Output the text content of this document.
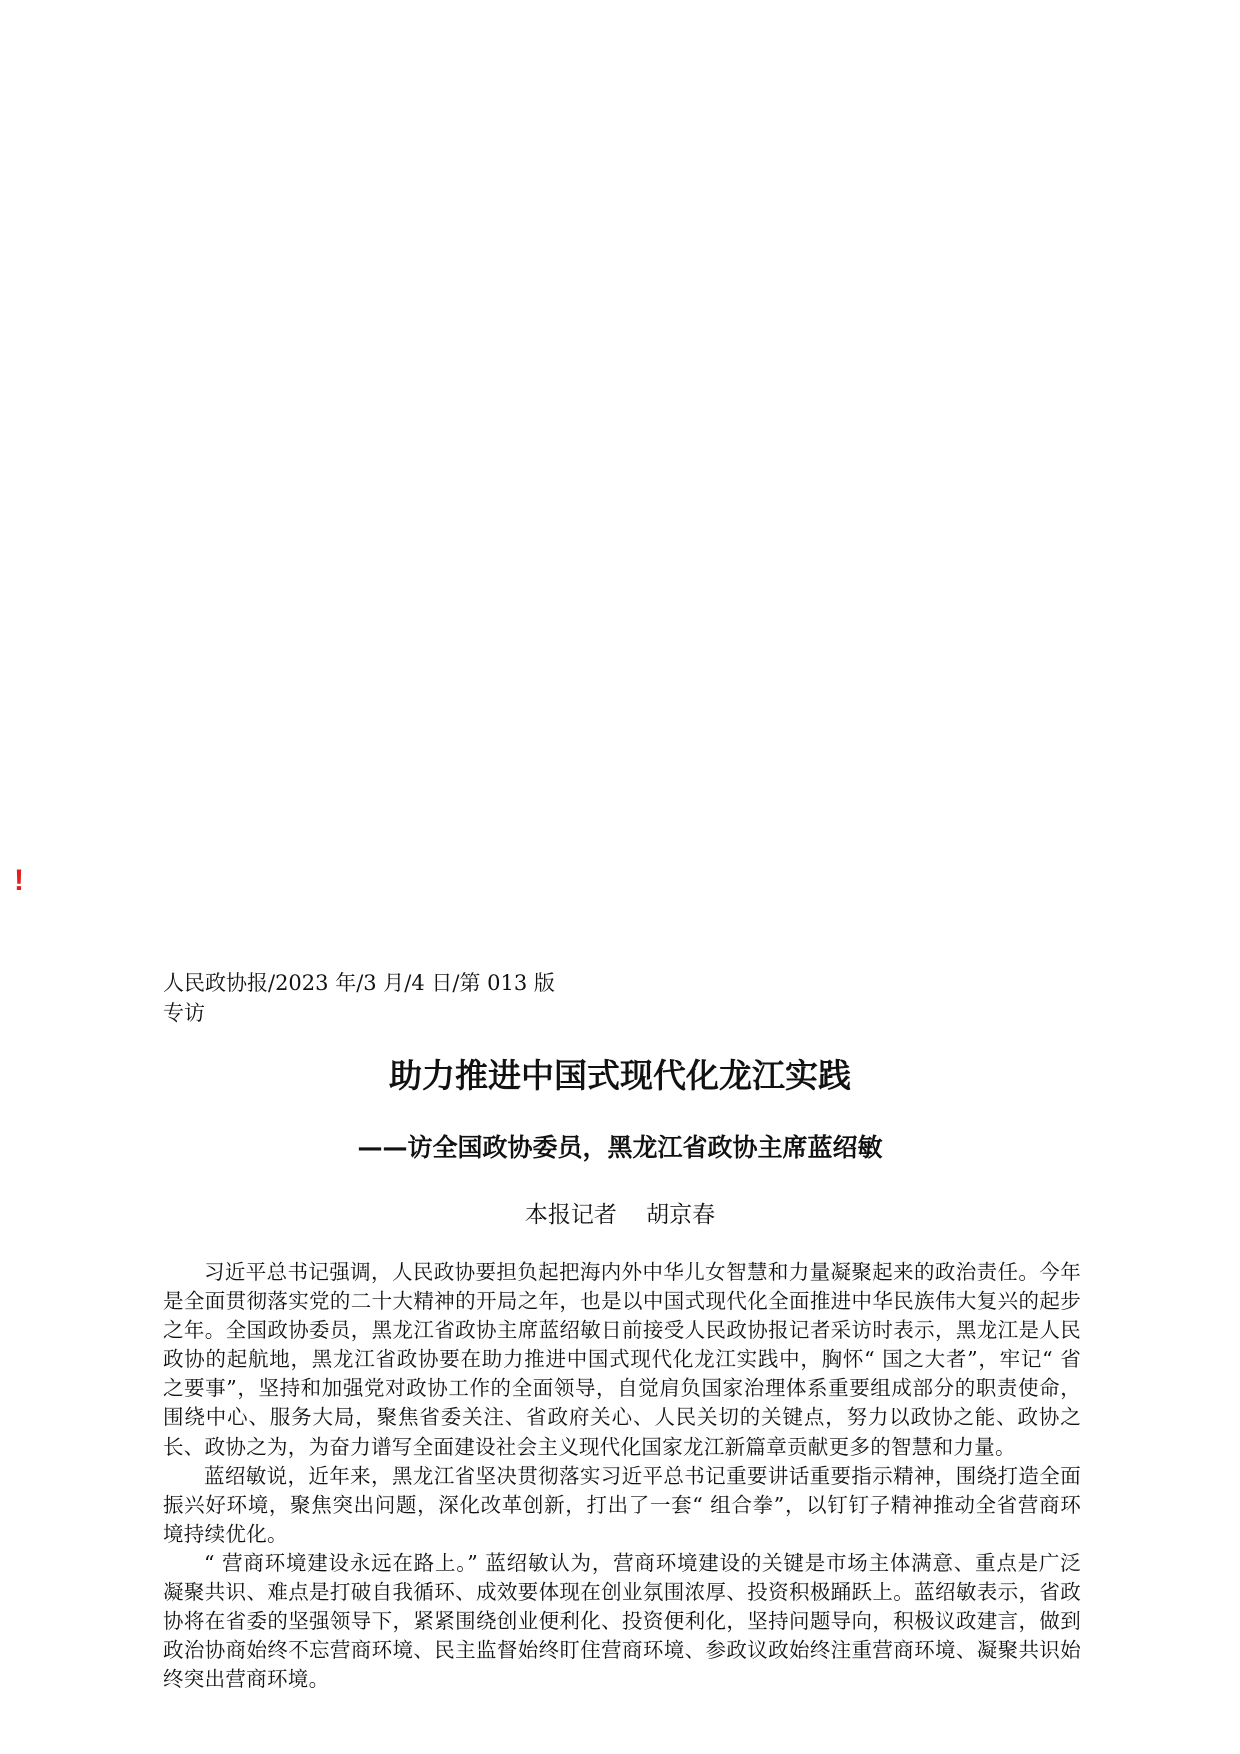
!
人民政协报/2023 年/3 月/4 日/第 013 版专访
助力推进中国式现代化龙江实践
——访全国政协委员，黑龙江省政协主席蓝绍敏
本报记者    胡京春

习近平总书记强调，人民政协要担负起把海内外中华儿女智慧和力量凝聚起来的政治责任。今年是全面贯彻落实党的二十大精神的开局之年，也是以中国式现代化全面推进中华民族伟大复兴的起步之年。全国政协委员，黑龙江省政协主席蓝绍敏日前接受人民政协报记者采访时表示，黑龙江是人民政协的起航地，黑龙江省政协要在助力推进中国式现代化龙江实践中，胸怀“ 国之大者”，牢记“ 省之要事”，坚持和加强党对政协工作的全面领导，自觉肩负国家治理体系重要组成部分的职责使命，围绕中心、服务大局，聚焦省委关注、省政府关心、人民关切的关键点，努力以政协之能、政协之长、政协之为，为奋力谱写全面建设社会主义现代化国家龙江新篇章贡献更多的智慧和力量。

蓝绍敏说，近年来，黑龙江省坚决贯彻落实习近平总书记重要讲话重要指示精神，围绕打造全面振兴好环境，聚焦突出问题，深化改革创新，打出了一套“ 组合拳”，以钉钉子精神推动全省营商环境持续优化。

“ 营商环境建设永远在路上。” 蓝绍敏认为，营商环境建设的关键是市场主体满意、重点是广泛凝聚共识、难点是打破自我循环、成效要体现在创业氛围浓厚、投资积极踊跃上。蓝绍敏表示，省政协将在省委的坚强领导下，紧紧围绕创业便利化、投资便利化，坚持问题导向，积极议政建言，做到政治协商始终不忘营商环境、民主监督始终盯住营商环境、参政议政始终注重营商环境、凝聚共识始终突出营商环境。
